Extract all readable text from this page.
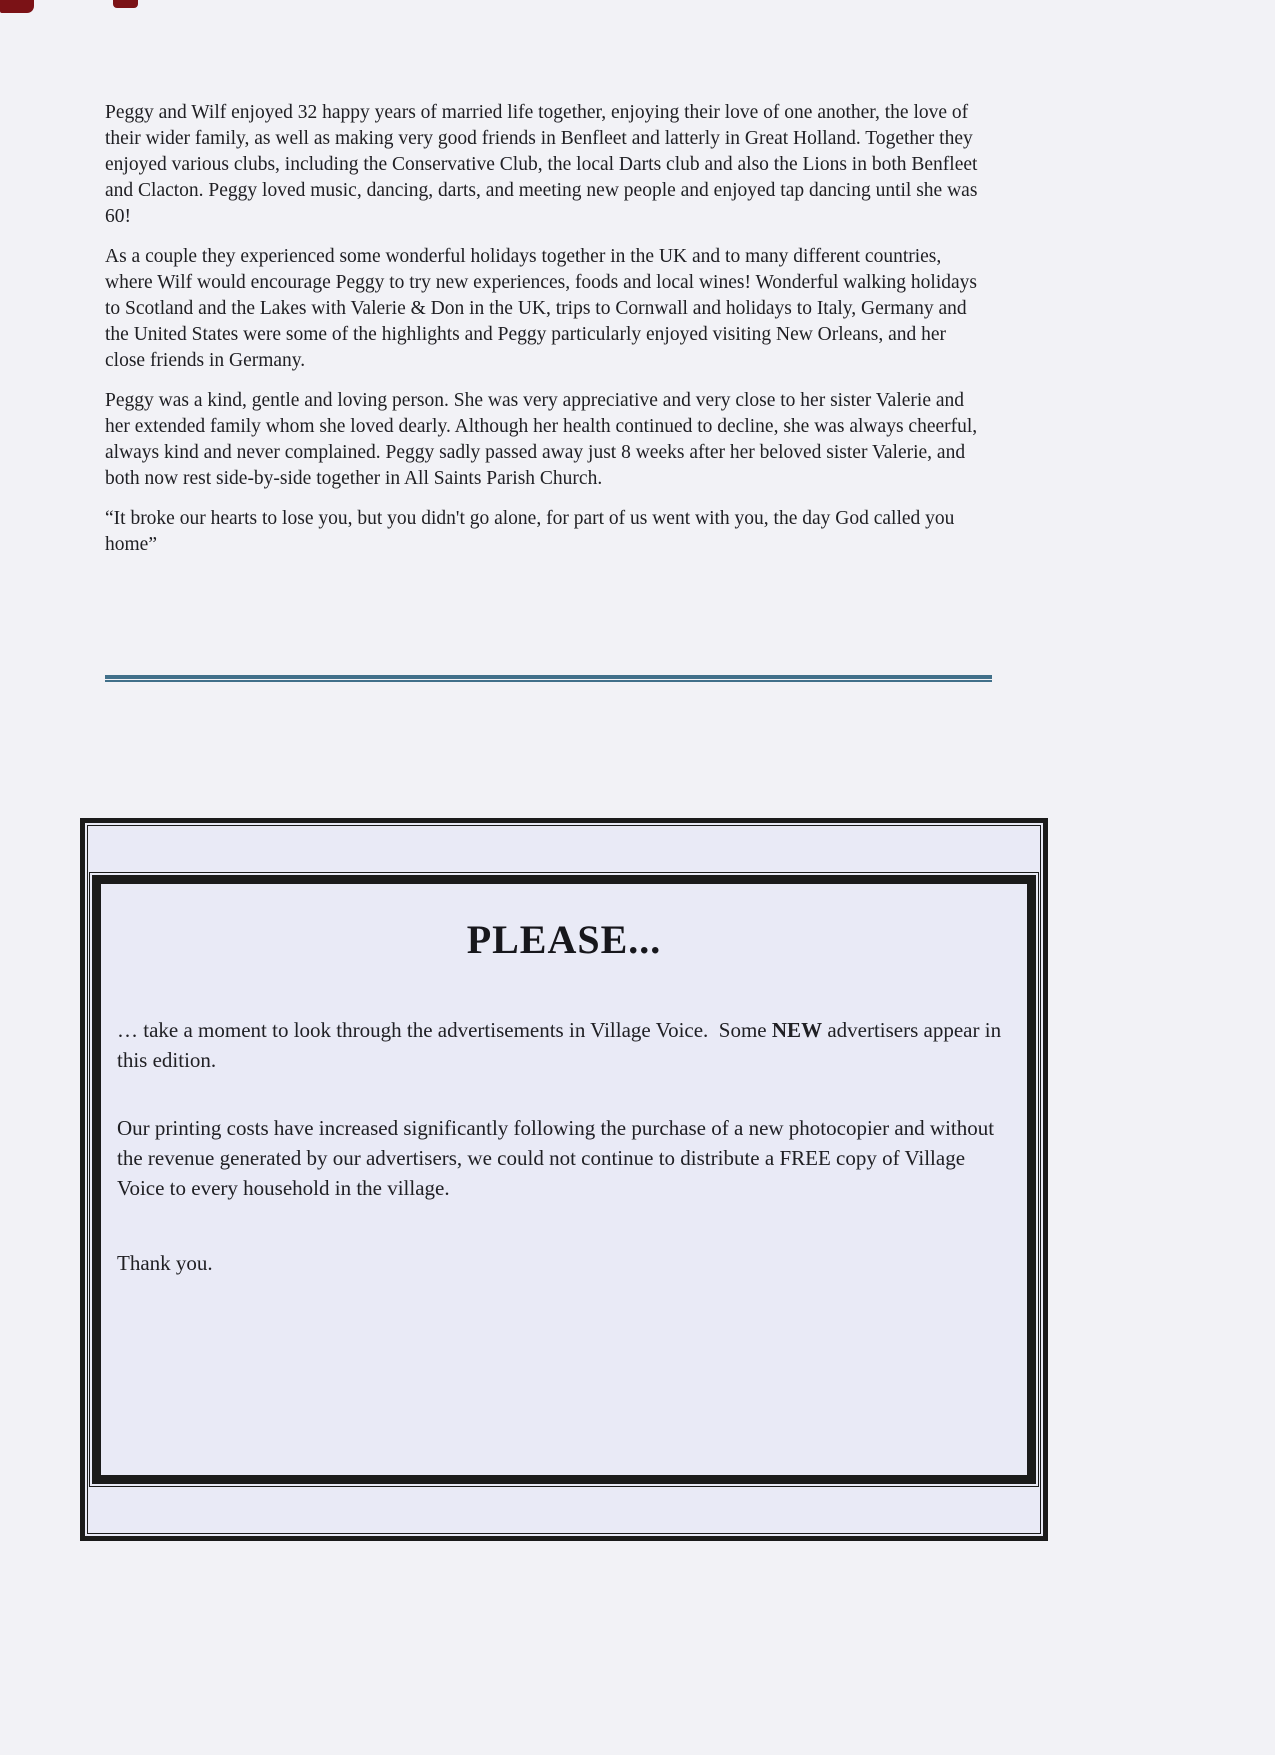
Peggy and Wilf enjoyed 32 happy years of married life together, enjoying their love of one another, the love of their wider family, as well as making very good friends in Benfleet and latterly in Great Holland. Together they enjoyed various clubs, including the Conservative Club, the local Darts club and also the Lions in both Benfleet and Clacton. Peggy loved music, dancing, darts, and meeting new people and enjoyed tap dancing until she was 60!

As a couple they experienced some wonderful holidays together in the UK and to many different countries, where Wilf would encourage Peggy to try new experiences, foods and local wines! Wonderful walking holidays to Scotland and the Lakes with Valerie & Don in the UK, trips to Cornwall and holidays to Italy, Germany and the United States were some of the highlights and Peggy particularly enjoyed visiting New Orleans, and her close friends in Germany.

Peggy was a kind, gentle and loving person. She was very appreciative and very close to her sister Valerie and her extended family whom she loved dearly. Although her health continued to decline, she was always cheerful, always kind and never complained. Peggy sadly passed away just 8 weeks after her beloved sister Valerie, and both now rest side-by-side together in All Saints Parish Church.

“It broke our hearts to lose you, but you didn't go alone, for part of us went with you, the day God called you home”

PLEASE...

… take a moment to look through the advertisements in Village Voice.  Some NEW advertisers appear in this edition.

Our printing costs have increased significantly following the purchase of a new photocopier and without the revenue generated by our advertisers, we could not continue to distribute a FREE copy of Village Voice to every household in the village.

Thank you.
